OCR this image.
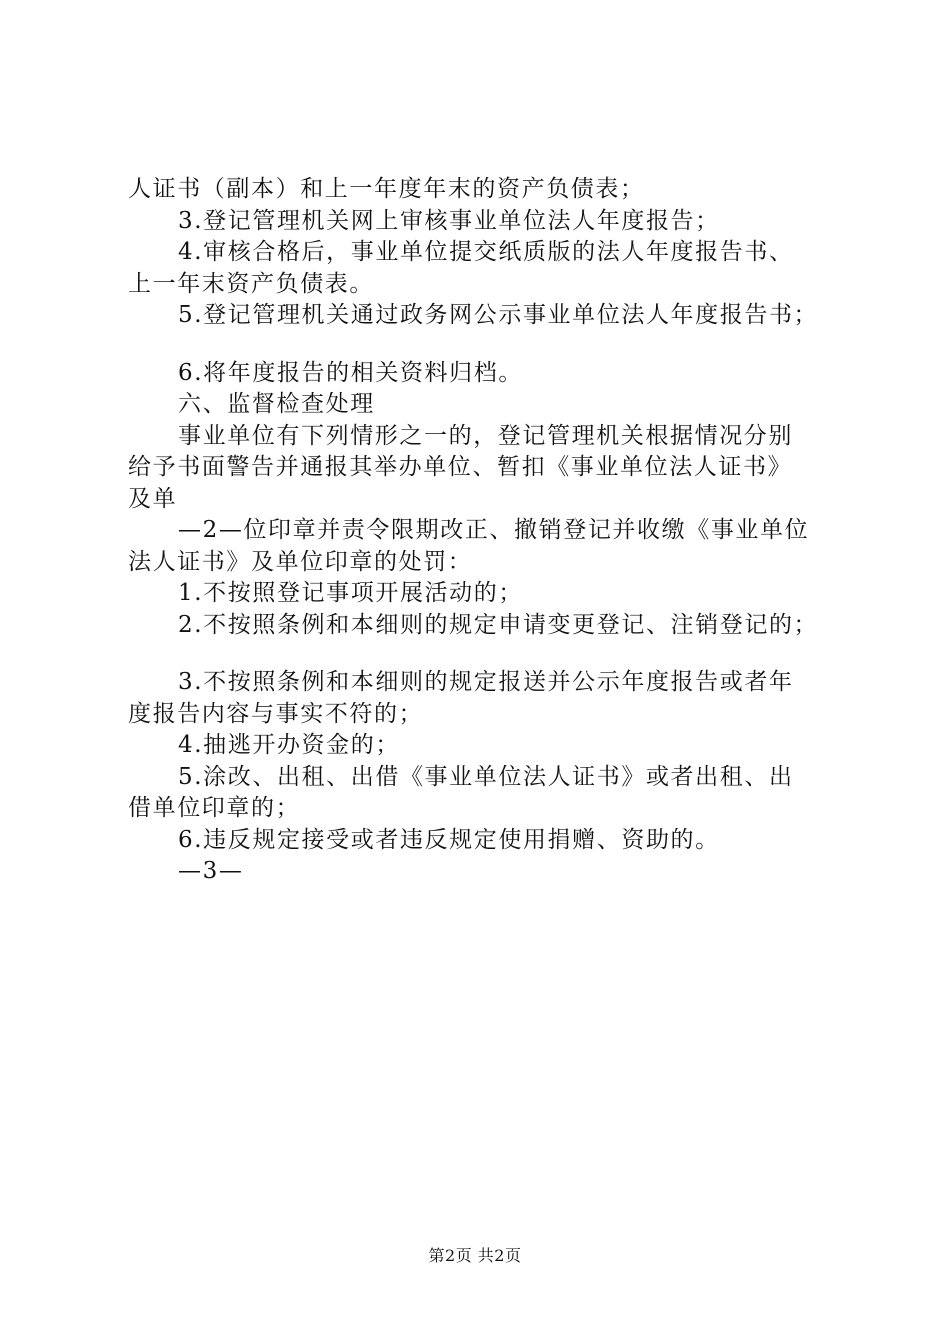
人证书（副本）和上一年度年末的资产负债表；
3.登记管理机关网上审核事业单位法人年度报告；
4.审核合格后，事业单位提交纸质版的法人年度报告书、
上一年末资产负债表。
5.登记管理机关通过政务网公示事业单位法人年度报告书；
6.将年度报告的相关资料归档。
六、监督检查处理
事业单位有下列情形之一的，登记管理机关根据情况分别
给予书面警告并通报其举办单位、暂扣《事业单位法人证书》
及单
—2—位印章并责令限期改正、撤销登记并收缴《事业单位
法人证书》及单位印章的处罚：
1.不按照登记事项开展活动的；
2.不按照条例和本细则的规定申请变更登记、注销登记的；
3.不按照条例和本细则的规定报送并公示年度报告或者年
度报告内容与事实不符的；
4.抽逃开办资金的；
5.涂改、出租、出借《事业单位法人证书》或者出租、出
借单位印章的；
6.违反规定接受或者违反规定使用捐赠、资助的。
—3—
第2页 共2页
